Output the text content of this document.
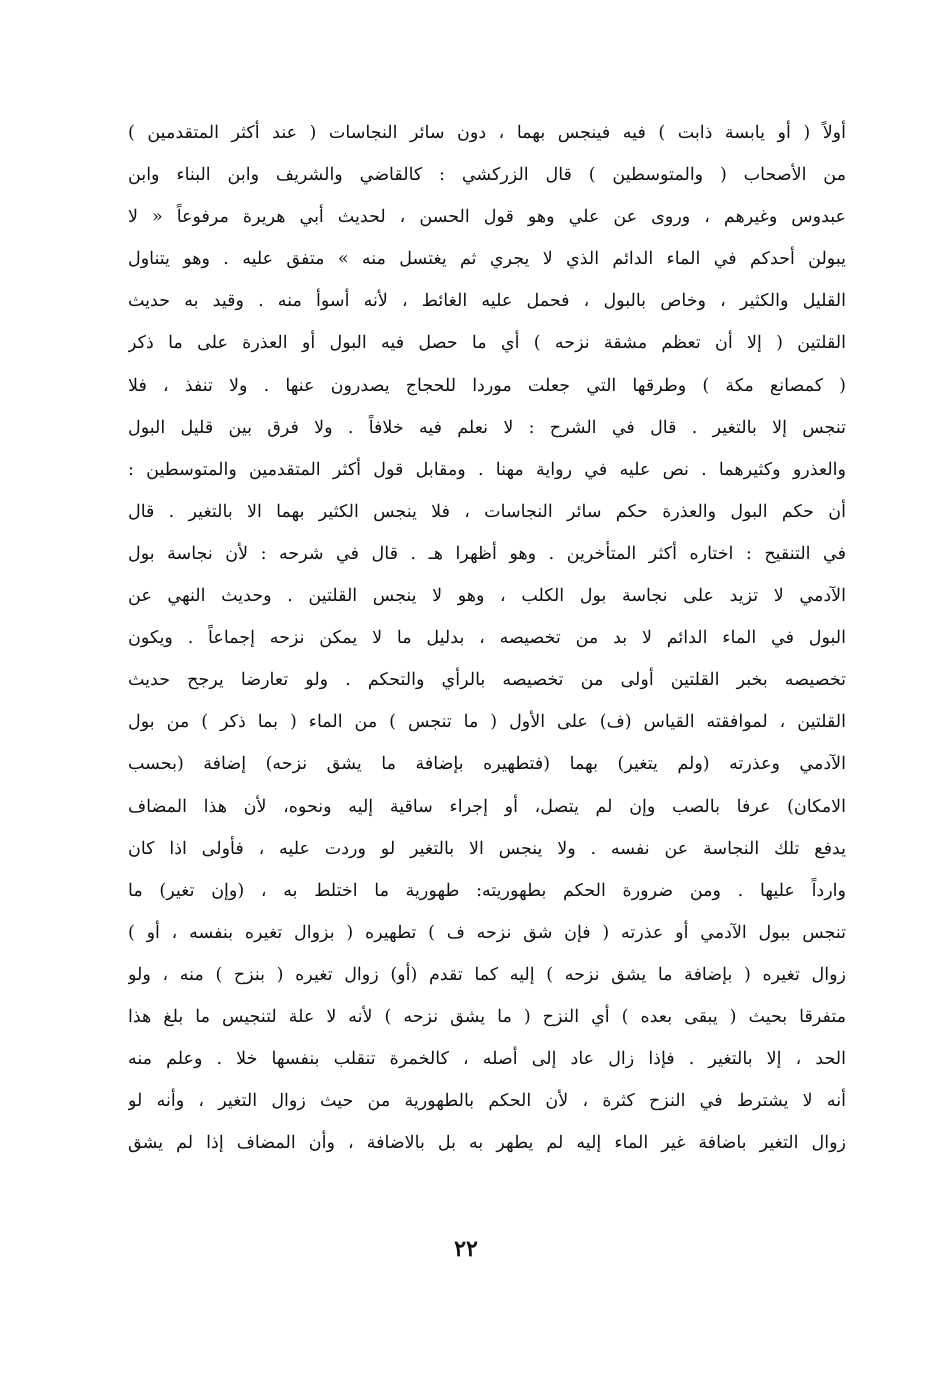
أولاً ( أو يابسة ذابت ) فيه فينجس بهما ، دون سائر النجاسات ( عند أكثر المتقدمين )
من الأصحاب ( والمتوسطين ) قال الزركشي : كالقاضي والشريف وابن البناء وابن
عبدوس وغيرهم ، وروى عن علي وهو قول الحسن ، لحديث أبي هريرة مرفوعاً « لا
يبولن أحدكم في الماء الدائم الذي لا يجري ثم يغتسل منه » متفق عليه . وهو يتناول
القليل والكثير ، وخاص بالبول ، فحمل عليه الغائط ، لأنه أسوأ منه . وقيد به حديث
القلتين ( إلا أن تعظم مشقة نزحه ) أي ما حصل فيه البول أو العذرة على ما ذكر
( كمصانع مكة ) وطرقها التي جعلت موردا للحجاج يصدرون عنها . ولا تنفذ ، فلا
تنجس إلا بالتغير . قال في الشرح : لا نعلم فيه خلافاً . ولا فرق بين قليل البول
والعذرو وكثيرهما . نص عليه في رواية مهنا . ومقابل قول أكثر المتقدمين والمتوسطين :
أن حكم البول والعذرة حكم سائر النجاسات ، فلا ينجس الكثير بهما الا بالتغير . قال
في التنقيح : اختاره أكثر المتأخرين . وهو أظهرا هـ . قال في شرحه : لأن نجاسة بول
الآدمي لا تزيد على نجاسة بول الكلب ، وهو لا ينجس القلتين . وحديث النهي عن
البول في الماء الدائم لا بد من تخصيصه ، بدليل ما لا يمكن نزحه إجماعاً . ويكون
تخصيصه بخبر القلتين أولى من تخصيصه بالرأي والتحكم . ولو تعارضا يرجح حديث
القلتين ، لموافقته القياس (ف) على الأول ( ما تنجس ) من الماء ( بما ذكر ) من بول
الآدمي وعذرته (ولم يتغير) بهما (فتطهيره بإضافة ما يشق نزحه) إضافة (بحسب
الامكان) عرفا بالصب وإن لم يتصل، أو إجراء ساقية إليه ونحوه، لأن هذا المضاف
يدفع تلك النجاسة عن نفسه . ولا ينجس الا بالتغير لو وردت عليه ، فأولى اذا كان
وارداً عليها . ومن ضرورة الحكم بطهوريته: طهورية ما اختلط به ، (وإن تغير) ما
تنجس ببول الآدمي أو عذرته ( فإن شق نزحه ف ) تطهيره ( بزوال تغيره بنفسه ، أو )
زوال تغيره ( بإضافة ما يشق نزحه ) إليه كما تقدم (أو) زوال تغيره ( بنزح ) منه ، ولو
متفرقا بحيث ( يبقى بعده ) أي النزح ( ما يشق نزحه ) لأنه لا علة لتنجيس ما بلغ هذا
الحد ، إلا بالتغير . فإذا زال عاد إلى أصله ، كالخمرة تنقلب بنفسها خلا . وعلم منه
أنه لا يشترط في النزح كثرة ، لأن الحكم بالطهورية من حيث زوال التغير ، وأنه لو
زوال التغير باضافة غير الماء إليه لم يطهر به بل بالاضافة ، وأن المضاف إذا لم يشق
٢٢
